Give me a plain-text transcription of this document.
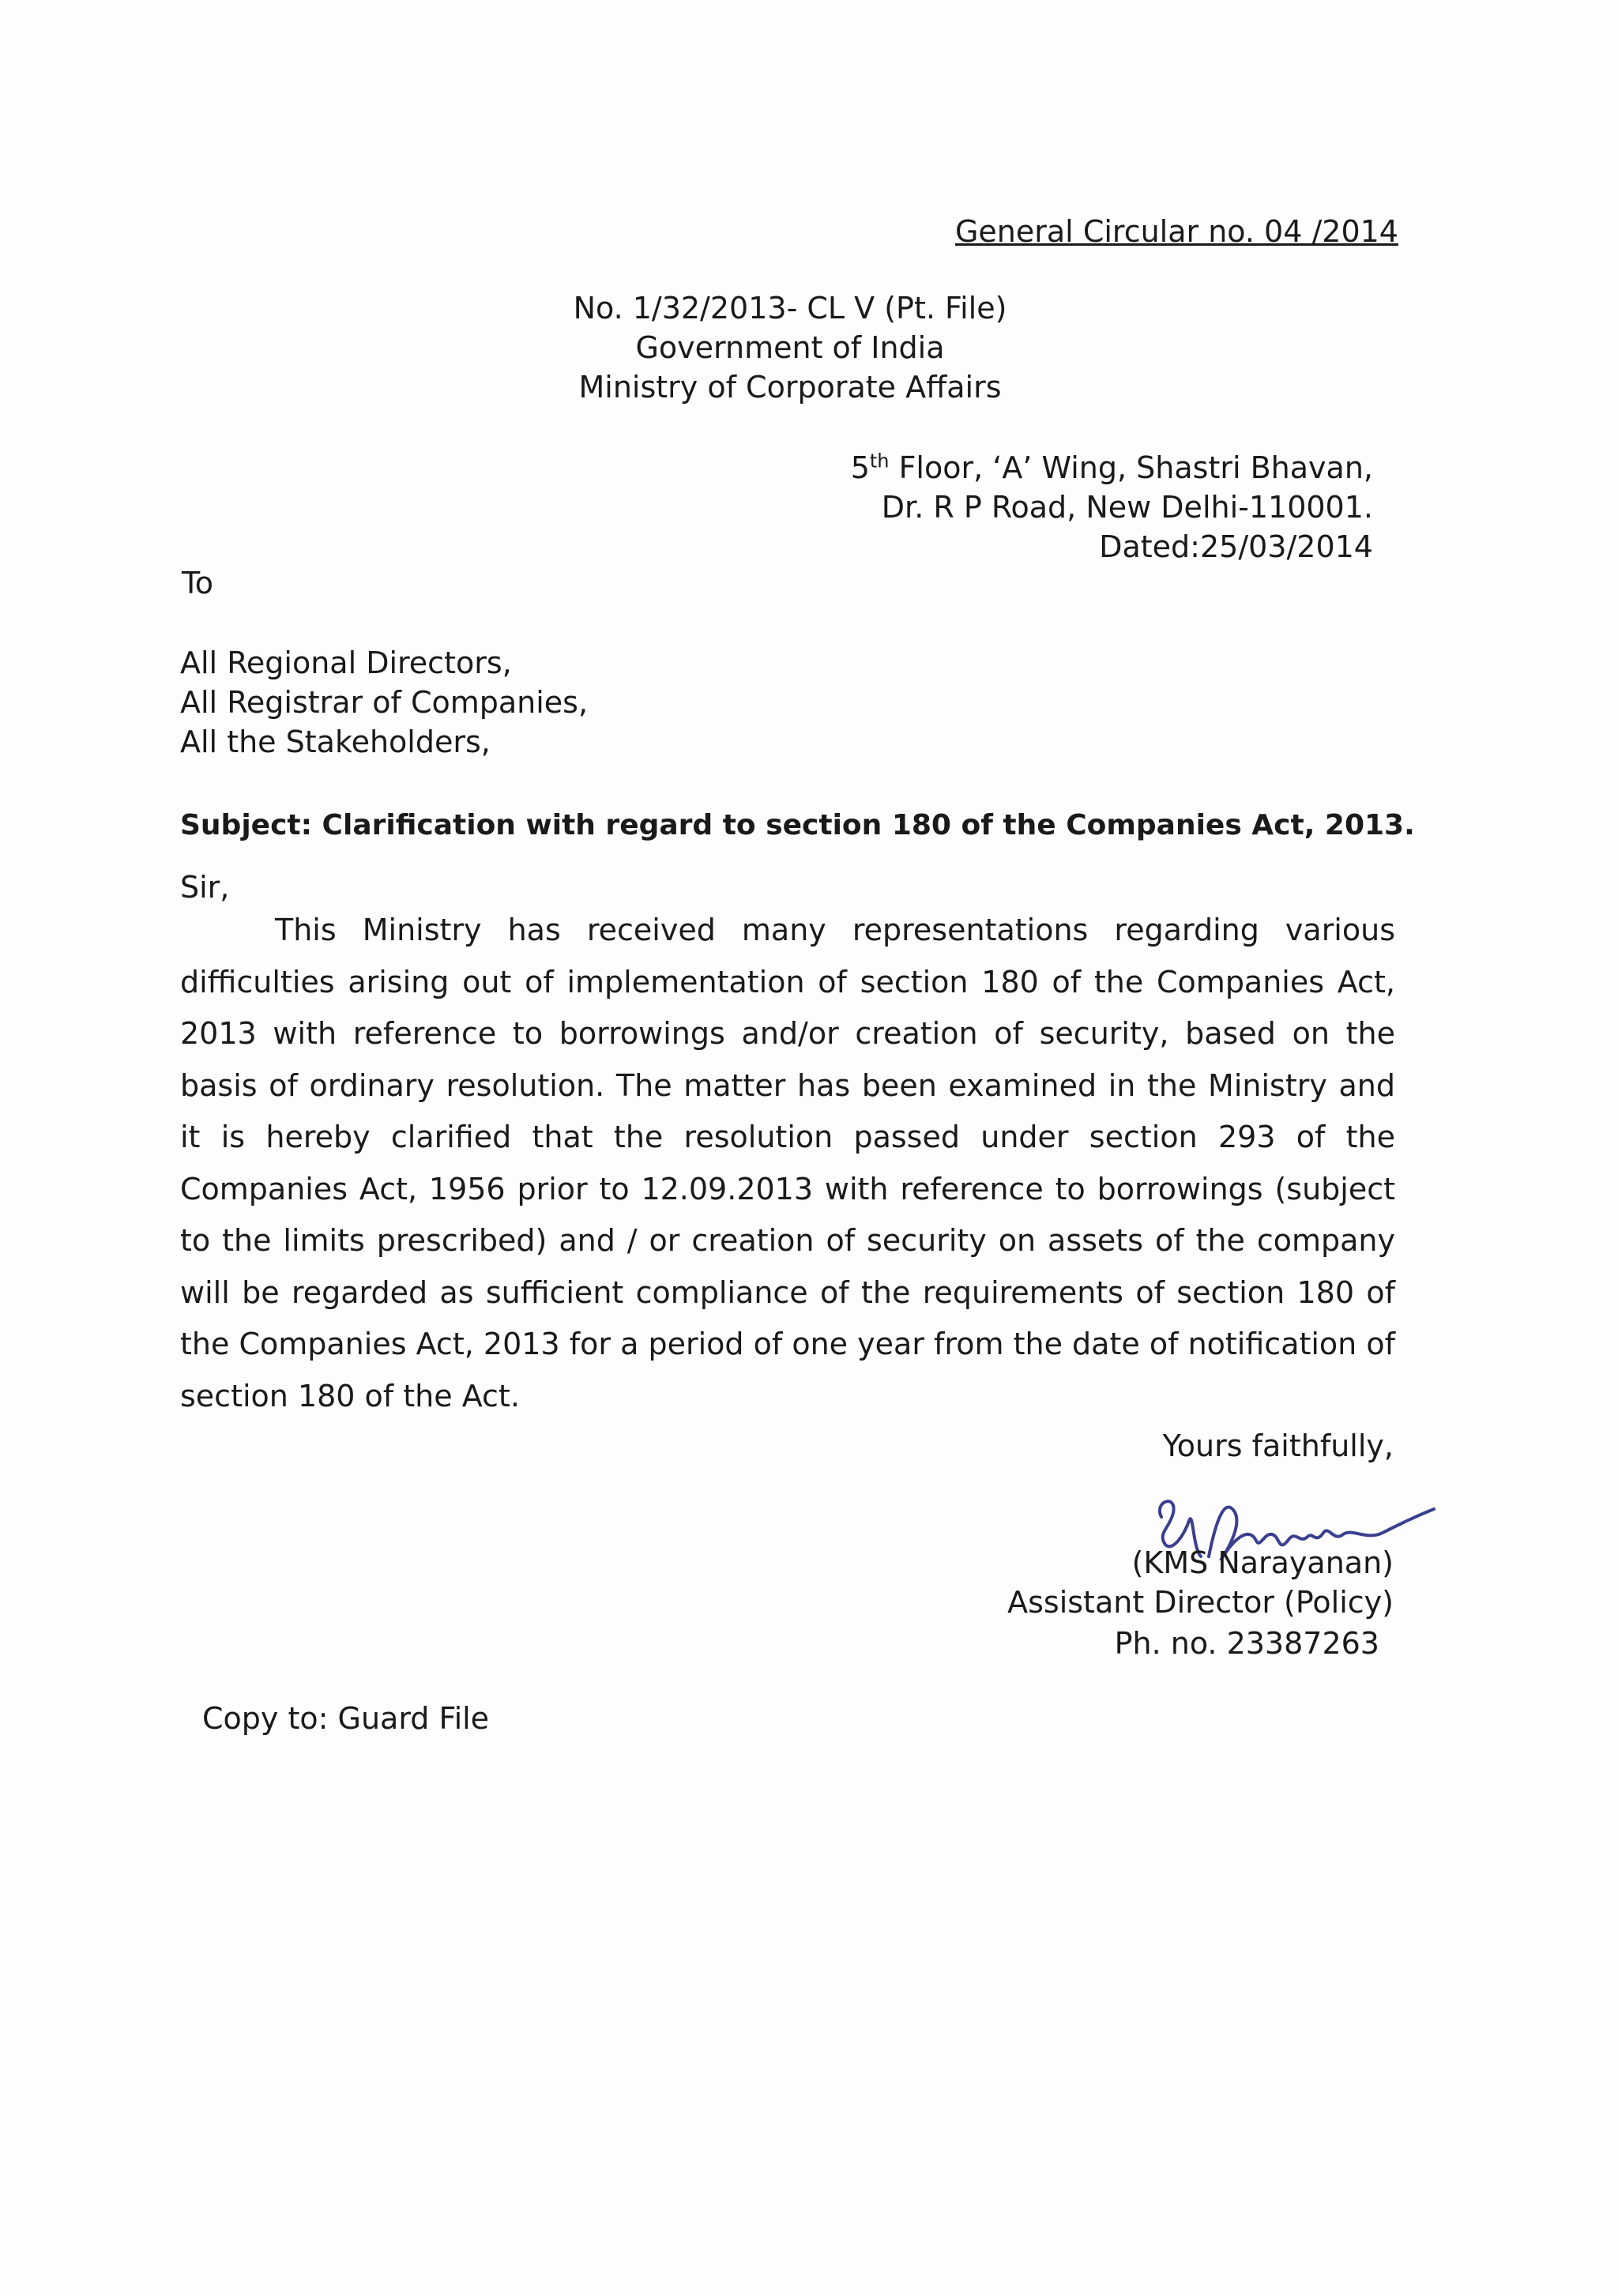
General Circular no. 04 /2014
No. 1/32/2013- CL V (Pt. File)
Government of India
Ministry of Corporate Affairs
5th Floor, ‘A’ Wing, Shastri Bhavan,
Dr. R P Road, New Delhi-110001.
Dated:25/03/2014
To
All Regional Directors,
All Registrar of Companies,
All the Stakeholders,
Subject: Clarification with regard to section 180 of the Companies Act, 2013.
Sir,
This Ministry has received many representations regarding various difficulties arising out of implementation of section 180 of the Companies Act, 2013 with reference to borrowings and/or creation of security, based on the basis of ordinary resolution. The matter has been examined in the Ministry and it is hereby clarified that the resolution passed under section 293 of the Companies Act, 1956 prior to 12.09.2013 with reference to borrowings (subject to the limits prescribed) and / or creation of security on assets of the company will be regarded as sufficient compliance of the requirements of section 180 of the Companies Act, 2013 for a period of one year from the date of notification of section 180 of the Act.
Yours faithfully,
(KMS Narayanan)
Assistant Director (Policy)
Ph. no. 23387263
Copy to: Guard File
